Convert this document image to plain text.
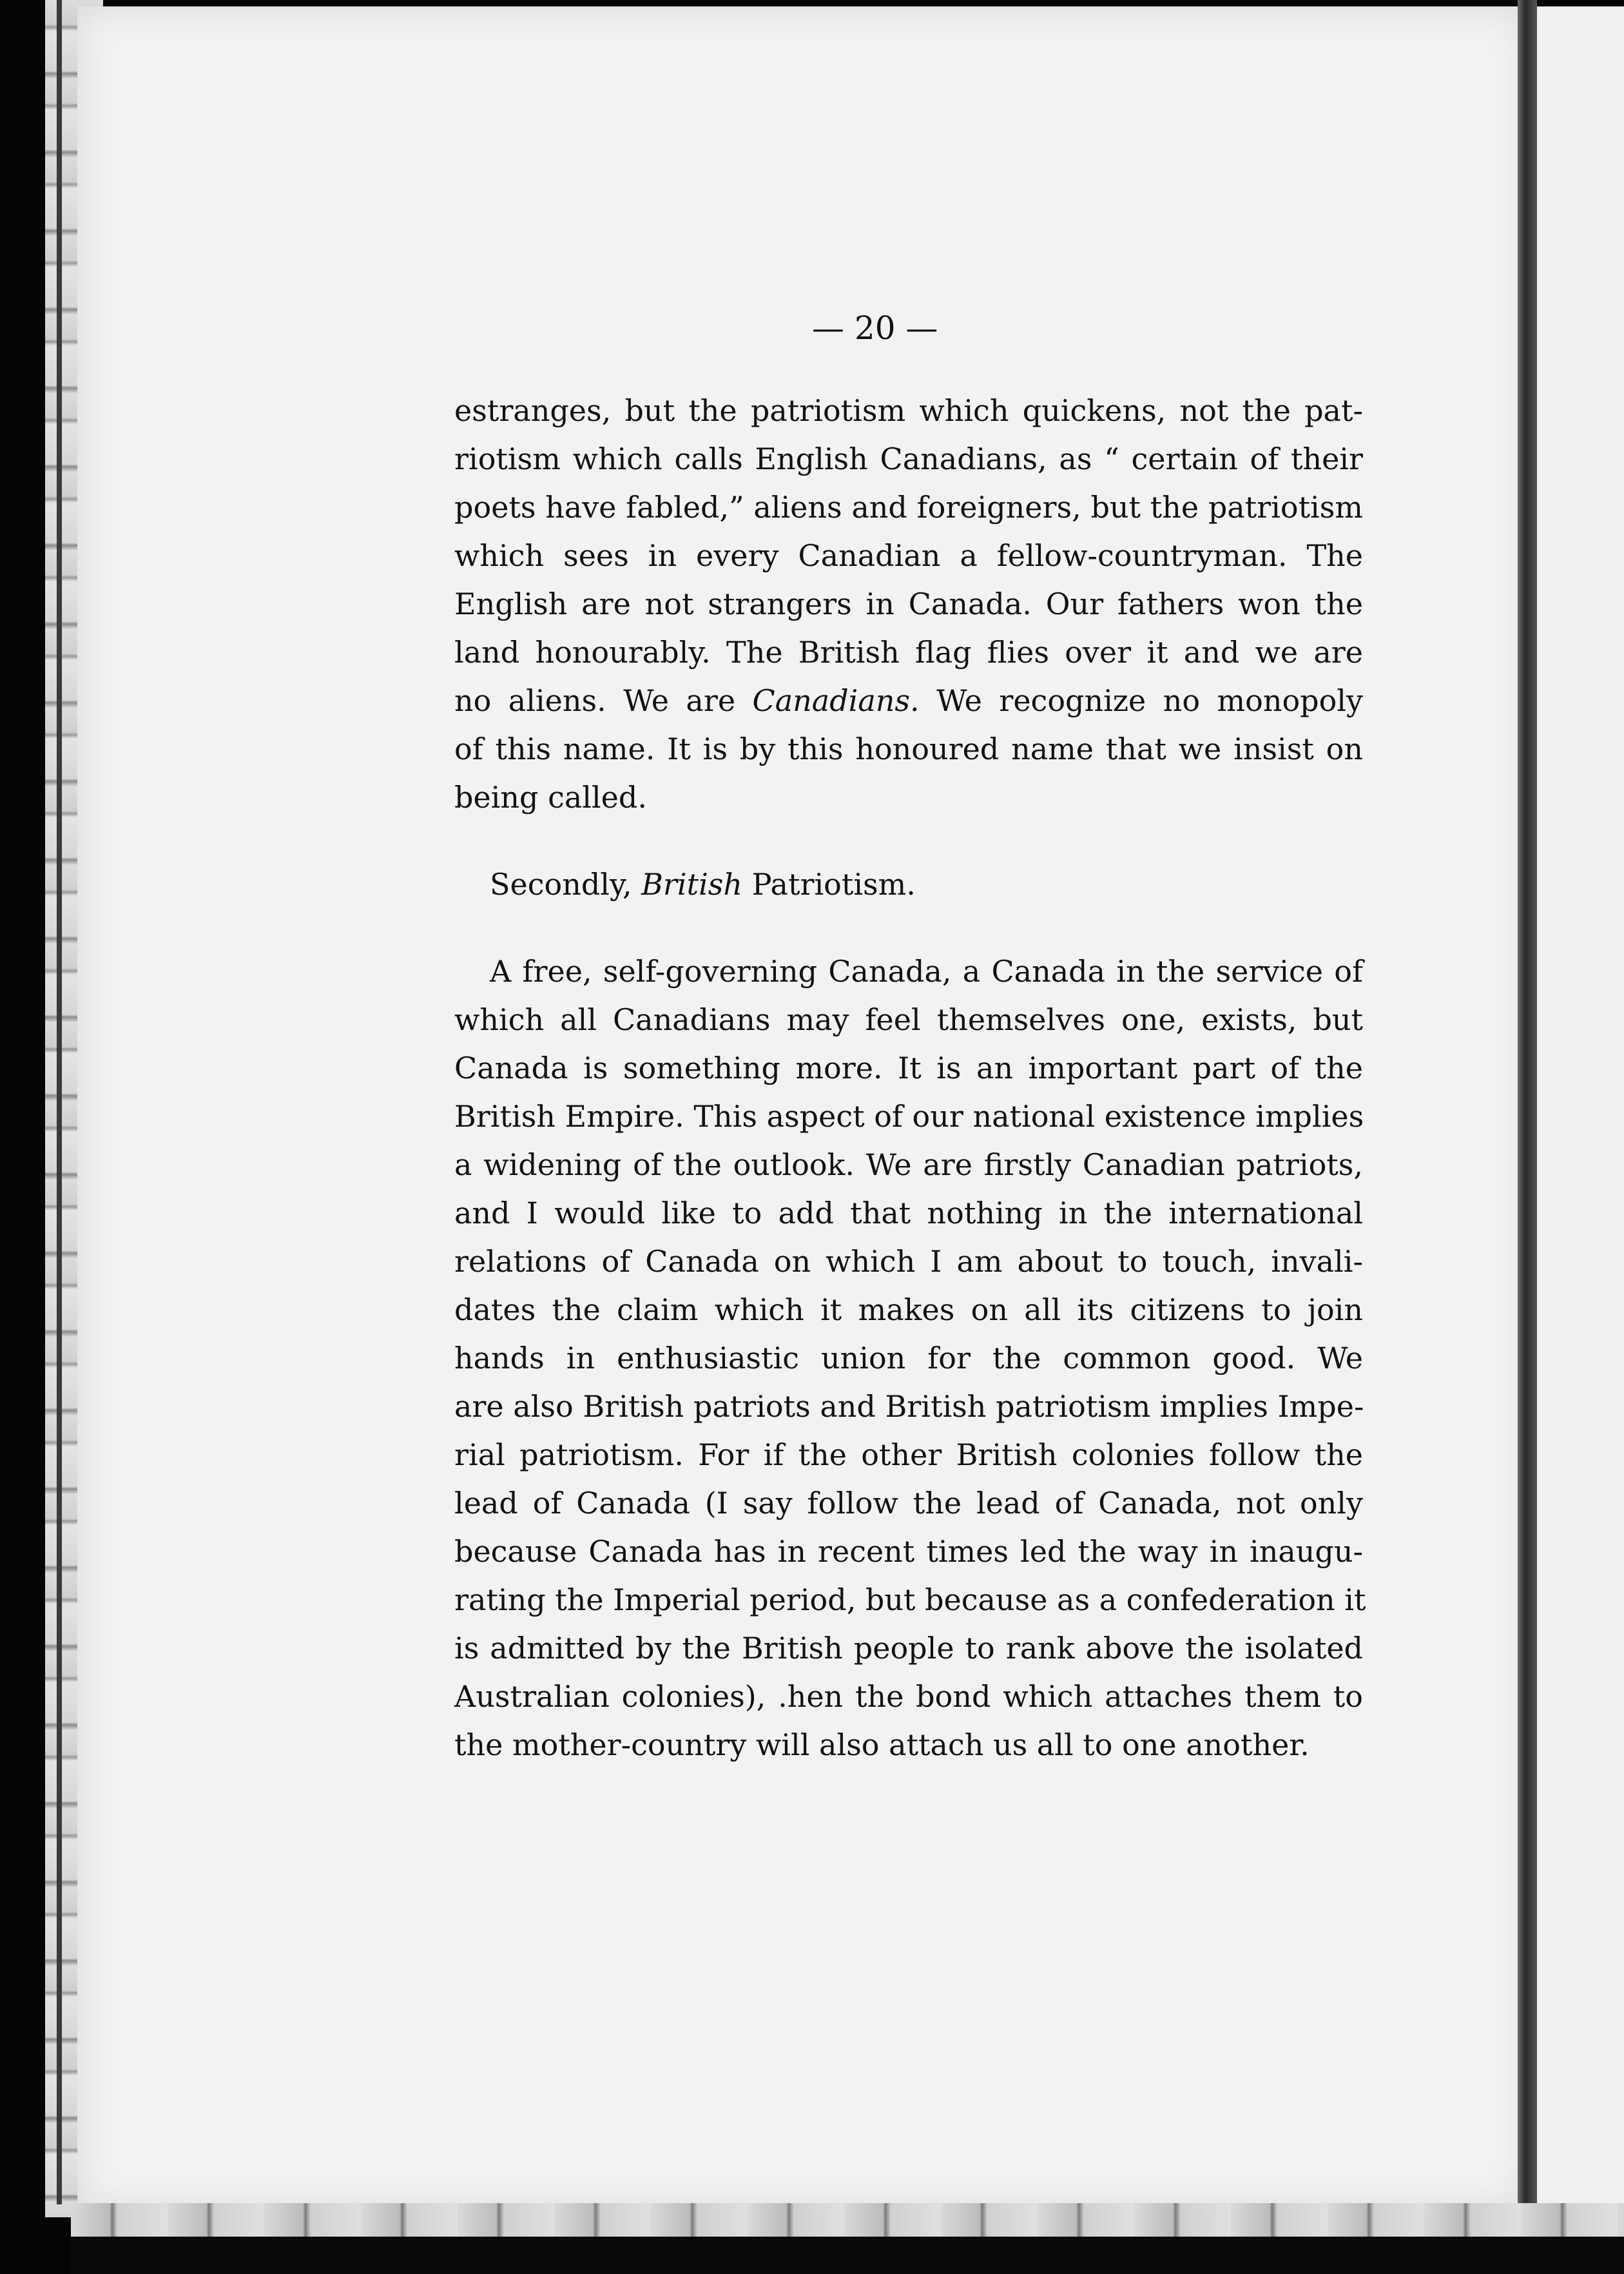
— 20 —
estranges, but the patriotism which quickens, not the pat-
riotism which calls English Canadians, as “ certain of their
poets have fabled,” aliens and foreigners, but the patriotism
which sees in every Canadian a fellow-countryman. The
English are not strangers in Canada. Our fathers won the
land honourably. The British flag flies over it and we are
no aliens. We are Canadians. We recognize no monopoly
of this name. It is by this honoured name that we insist on
being called.
Secondly, British Patriotism.
A free, self-governing Canada, a Canada in the service of
which all Canadians may feel themselves one, exists, but
Canada is something more. It is an important part of the
British Empire. This aspect of our national existence implies
a widening of the outlook. We are firstly Canadian patriots,
and I would like to add that nothing in the international
relations of Canada on which I am about to touch, invali-
dates the claim which it makes on all its citizens to join
hands in enthusiastic union for the common good. We
are also British patriots and British patriotism implies Impe-
rial patriotism. For if the other British colonies follow the
lead of Canada (I say follow the lead of Canada, not only
because Canada has in recent times led the way in inaugu-
rating the Imperial period, but because as a confederation it
is admitted by the British people to rank above the isolated
Australian colonies), .hen the bond which attaches them to
the mother-country will also attach us all to one another.
